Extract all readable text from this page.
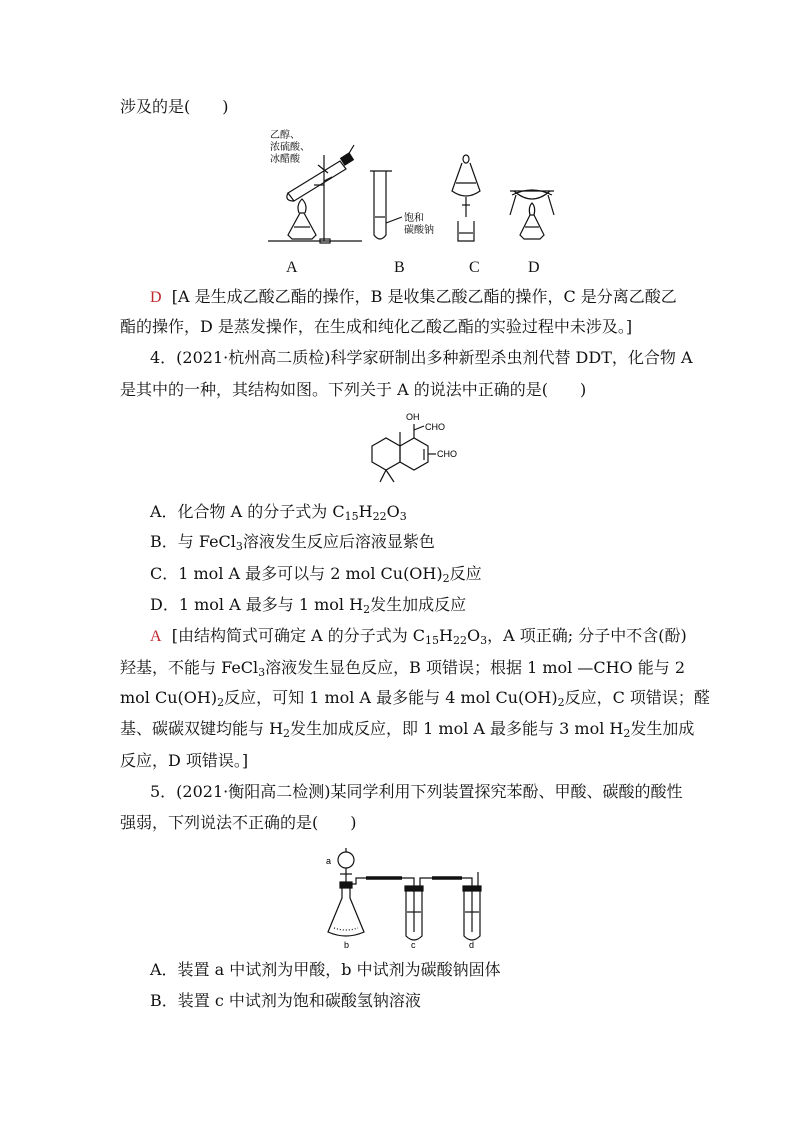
涉及的是(　　)
乙醇、
浓硫酸、
冰醋酸
饱和
碳酸钠
A	B	C	D
D [A 是生成乙酸乙酯的操作，B 是收集乙酸乙酯的操作，C 是分离乙酸乙
酯的操作，D 是蒸发操作，在生成和纯化乙酸乙酯的实验过程中未涉及。]
4．(2021·杭州高二质检)科学家研制出多种新型杀虫剂代替 DDT，化合物 A
是其中的一种，其结构如图。下列关于 A 的说法中正确的是(　　)
OH
CHO
CHO
A．化合物 A 的分子式为 $C_{15}H_{22}O_3$
B．与 FeCl$_3$溶液发生反应后溶液显紫色
C．1 mol A 最多可以与 2 mol $Cu(OH)_2$反应
D．1 mol A 最多与 1 mol $H_2$发生加成反应
A [由结构简式可确定 A 的分子式为 $C_{15}H_{22}O_3$，A 项正确; 分子中不含(酚)
羟基，不能与 FeCl$_3$溶液发生显色反应，B 项错误；根据 1 mol —CHO 能与 2
mol $Cu(OH)_2$反应，可知 1 mol A 最多能与 4 mol $Cu(OH)_2$反应，C 项错误；醛
基、碳碳双键均能与 $H_2$发生加成反应，即 1 mol A 最多能与 3 mol $H_2$发生加成
反应，D 项错误。]
5．(2021·衡阳高二检测)某同学利用下列装置探究苯酚、甲酸、碳酸的酸性
强弱，下列说法不正确的是(　　)
a
b	c	d
A．装置 a 中试剂为甲酸，b 中试剂为碳酸钠固体
B．装置 c 中试剂为饱和碳酸氢钠溶液
